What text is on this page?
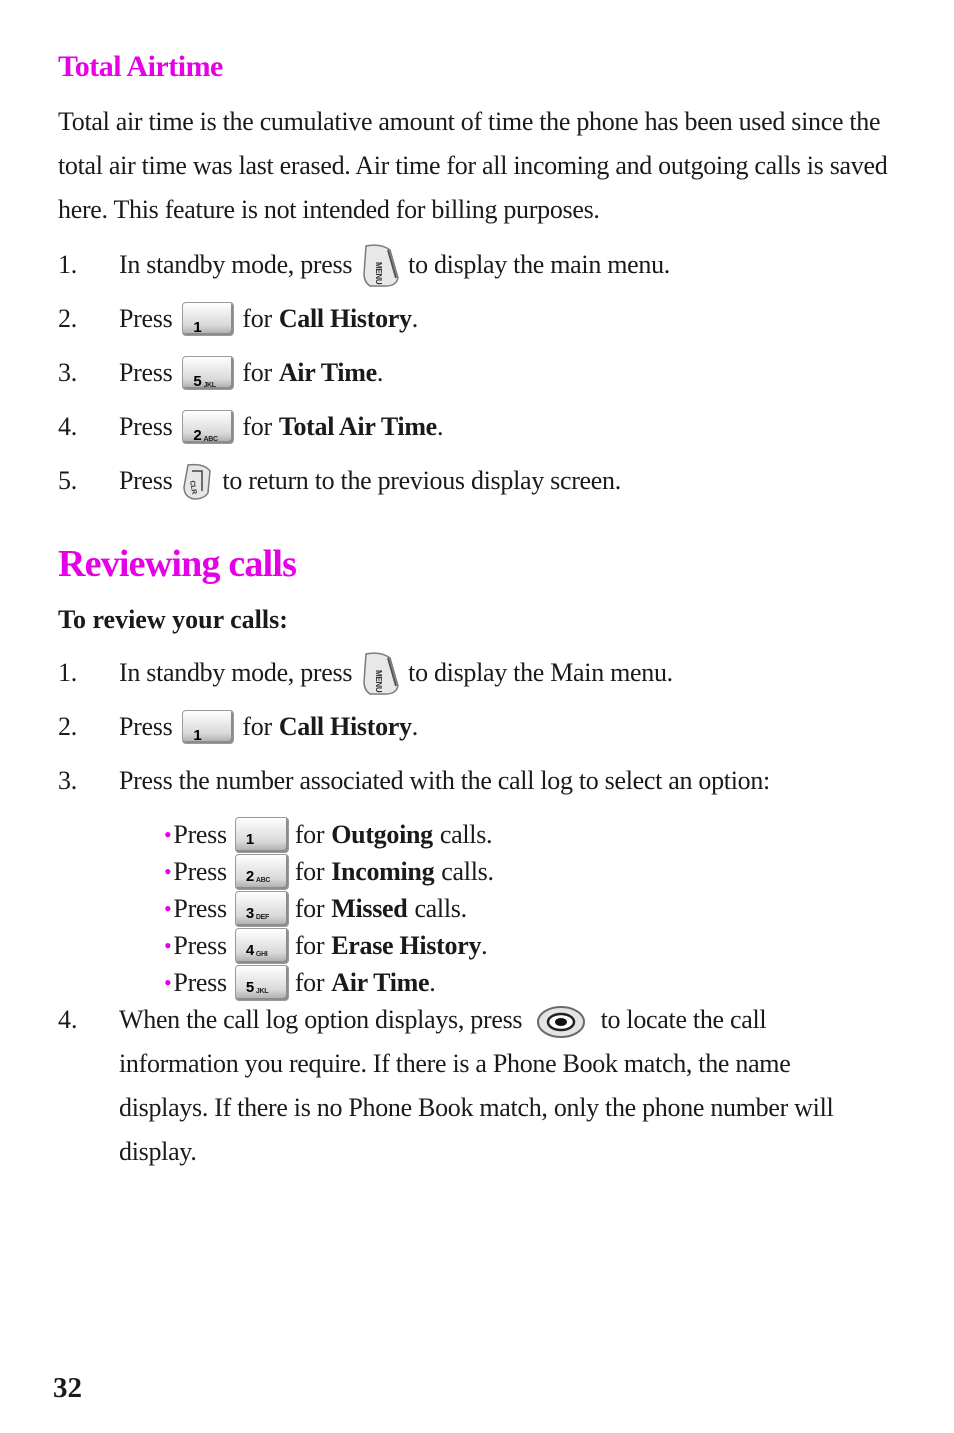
Total Airtime

Total air time is the cumulative amount of time the phone has been used since the total air time was last erased. Air time for all incoming and outgoing calls is saved here. This feature is not intended for billing purposes.

1. In standby mode, press	MENU to display the main menu.
2. Press 1 for Call History .
3. Press 5 JKL for Air Time .
4. Press 2 ABC for Total Air Time .
5. Press CLR to return to the previous display screen.
Reviewing calls

To review your calls:

1. In standby mode, press	MENU to display the Main menu.
2. Press 1 for Call History .
3. Press the number associated with the call log to select an option:
• Press 1 for Outgoing calls.
• Press 2 ABC for Incoming calls.
• Press 3 DEF for Missed calls.
• Press 4 GHI for Erase History .
• Press 5 JKL for Air Time .
4. When the call log option displays, press	to locate the call information you require. If there is a Phone Book match, the name displays. If there is no Phone Book match, only the phone number will display.
32
